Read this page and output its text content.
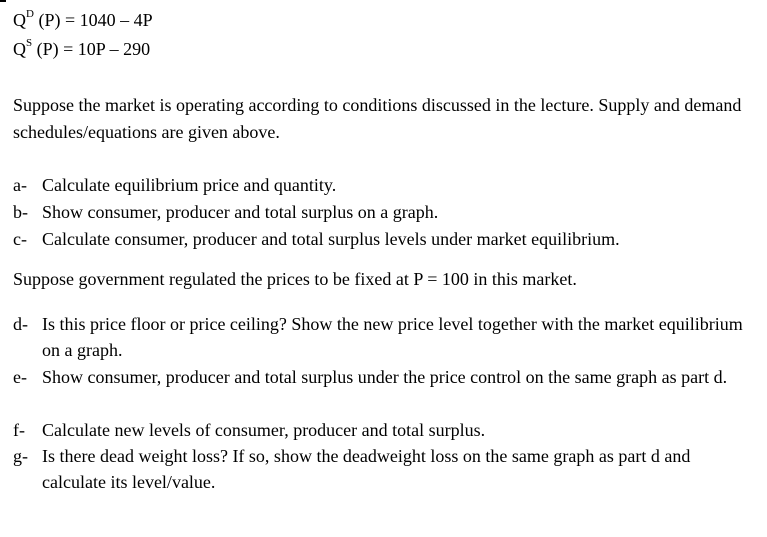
$Q^D$ (P) = 1040 – 4P
$Q^S$ (P) = 10P – 290
Suppose the market is operating according to conditions discussed in the lecture. Supply and demand schedules/equations are given above.
a- Calculate equilibrium price and quantity.
b- Show consumer, producer and total surplus on a graph.
c- Calculate consumer, producer and total surplus levels under market equilibrium.
Suppose government regulated the prices to be fixed at P = 100 in this market.
d- Is this price floor or price ceiling? Show the new price level together with the market equilibrium on a graph.
e- Show consumer, producer and total surplus under the price control on the same graph as part d.
f- Calculate new levels of consumer, producer and total surplus.
g- Is there dead weight loss? If so, show the deadweight loss on the same graph as part d and calculate its level/value.
